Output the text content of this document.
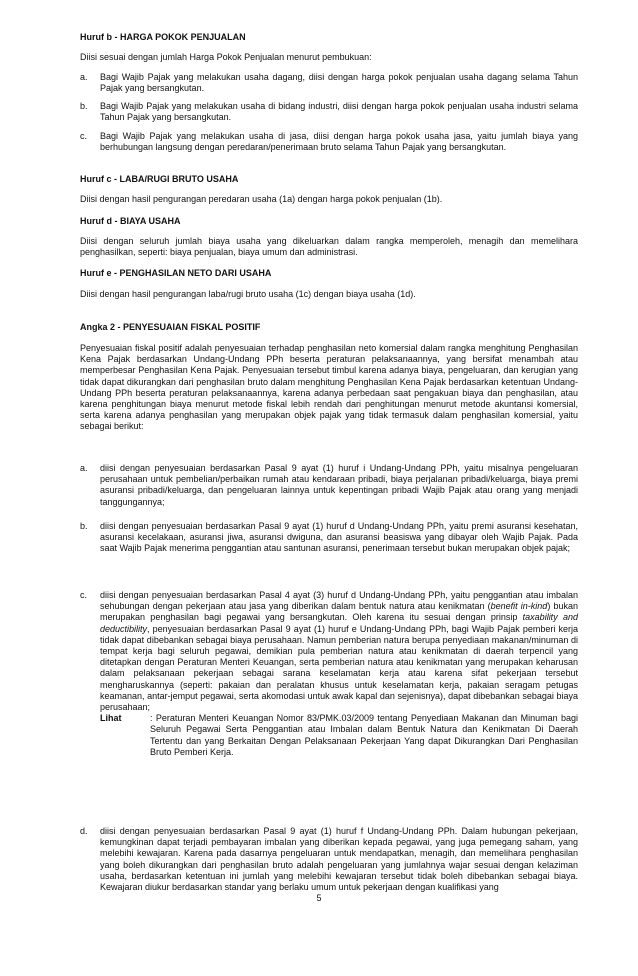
Huruf b - HARGA POKOK PENJUALAN
Diisi sesuai dengan jumlah Harga Pokok Penjualan menurut pembukuan:
a.	Bagi Wajib Pajak yang melakukan usaha dagang, diisi dengan harga pokok penjualan usaha dagang selama Tahun Pajak yang bersangkutan.
b.	Bagi Wajib Pajak yang melakukan usaha di bidang industri, diisi dengan harga pokok penjualan usaha industri selama Tahun Pajak yang bersangkutan.
c.	Bagi Wajib Pajak yang melakukan usaha di jasa, diisi dengan harga pokok usaha jasa, yaitu jumlah biaya yang berhubungan langsung dengan peredaran/penerimaan bruto selama Tahun Pajak yang bersangkutan.
Huruf c - LABA/RUGI BRUTO USAHA
Diisi dengan hasil pengurangan peredaran usaha (1a) dengan harga pokok penjualan (1b).
Huruf d - BIAYA USAHA
Diisi dengan seluruh jumlah biaya usaha yang dikeluarkan dalam rangka memperoleh, menagih dan memelihara penghasilkan, seperti: biaya penjualan, biaya umum dan administrasi.
Huruf e - PENGHASILAN NETO DARI USAHA
Diisi dengan hasil pengurangan laba/rugi bruto usaha (1c) dengan biaya usaha (1d).
Angka 2 - PENYESUAIAN FISKAL POSITIF
Penyesuaian fiskal positif adalah penyesuaian terhadap penghasilan neto komersial dalam rangka menghitung Penghasilan Kena Pajak berdasarkan Undang-Undang PPh beserta peraturan pelaksanaannya, yang bersifat menambah atau memperbesar Penghasilan Kena Pajak. Penyesuaian tersebut timbul karena adanya biaya, pengeluaran, dan kerugian yang tidak dapat dikurangkan dari penghasilan bruto dalam menghitung Penghasilan Kena Pajak berdasarkan ketentuan Undang-Undang PPh beserta peraturan pelaksanaannya, karena adanya perbedaan saat pengakuan biaya dan penghasilan, atau karena penghitungan biaya menurut metode fiskal lebih rendah dari penghitungan menurut metode akuntansi komersial, serta karena adanya penghasilan yang merupakan objek pajak yang tidak termasuk dalam penghasilan komersial, yaitu sebagai berikut:
a.	diisi dengan penyesuaian berdasarkan Pasal 9 ayat (1) huruf i Undang-Undang PPh, yaitu misalnya pengeluaran perusahaan untuk pembelian/perbaikan rumah atau kendaraan pribadi, biaya perjalanan pribadi/keluarga, biaya premi asuransi pribadi/keluarga, dan pengeluaran lainnya untuk kepentingan pribadi Wajib Pajak atau orang yang menjadi tanggungannya;
b.	diisi dengan penyesuaian berdasarkan Pasal 9 ayat (1) huruf d Undang-Undang PPh, yaitu premi asuransi kesehatan, asuransi kecelakaan, asuransi jiwa, asuransi dwiguna, dan asuransi beasiswa yang dibayar oleh Wajib Pajak. Pada saat Wajib Pajak menerima penggantian atau santunan asuransi, penerimaan tersebut bukan merupakan objek pajak;
c.	diisi dengan penyesuaian berdasarkan Pasal 4 ayat (3) huruf d Undang-Undang PPh, yaitu penggantian atau imbalan sehubungan dengan pekerjaan atau jasa yang diberikan dalam bentuk natura atau kenikmatan (benefit in-kind) bukan merupakan penghasilan bagi pegawai yang bersangkutan. Oleh karena itu sesuai dengan prinsip taxability and deductibility, penyesuaian berdasarkan Pasal 9 ayat (1) huruf e Undang-Undang PPh, bagi Wajib Pajak pemberi kerja tidak dapat dibebankan sebagai biaya perusahaan. Namun pemberian natura berupa penyediaan makanan/minuman di tempat kerja bagi seluruh pegawai, demikian pula pemberian natura atau kenikmatan di daerah terpencil yang ditetapkan dengan Peraturan Menteri Keuangan, serta pemberian natura atau kenikmatan yang merupakan keharusan dalam pelaksanaan pekerjaan sebagai sarana keselamatan kerja atau karena sifat pekerjaan tersebut mengharuskannya (seperti: pakaian dan peralatan khusus untuk keselamatan kerja, pakaian seragam petugas keamanan, antar-jemput pegawai, serta akomodasi untuk awak kapal dan sejenisnya), dapat dibebankan sebagai biaya perusahaan;
Lihat	: Peraturan Menteri Keuangan Nomor 83/PMK.03/2009 tentang Penyediaan Makanan dan Minuman bagi Seluruh Pegawai Serta Penggantian atau Imbalan dalam Bentuk Natura dan Kenikmatan Di Daerah Tertentu dan yang Berkaitan Dengan Pelaksanaan Pekerjaan Yang dapat Dikurangkan Dari Penghasilan Bruto Pemberi Kerja.
d.	diisi dengan penyesuaian berdasarkan Pasal 9 ayat (1) huruf f Undang-Undang PPh. Dalam hubungan pekerjaan, kemungkinan dapat terjadi pembayaran imbalan yang diberikan kepada pegawai, yang juga pemegang saham, yang melebihi kewajaran. Karena pada dasarnya pengeluaran untuk mendapatkan, menagih, dan memelihara penghasilan yang boleh dikurangkan dari penghasilan bruto adalah pengeluaran yang jumlahnya wajar sesuai dengan kelaziman usaha, berdasarkan ketentuan ini jumlah yang melebihi kewajaran tersebut tidak boleh dibebankan sebagai biaya. Kewajaran diukur berdasarkan standar yang berlaku umum untuk pekerjaan dengan kualifikasi yang
5
